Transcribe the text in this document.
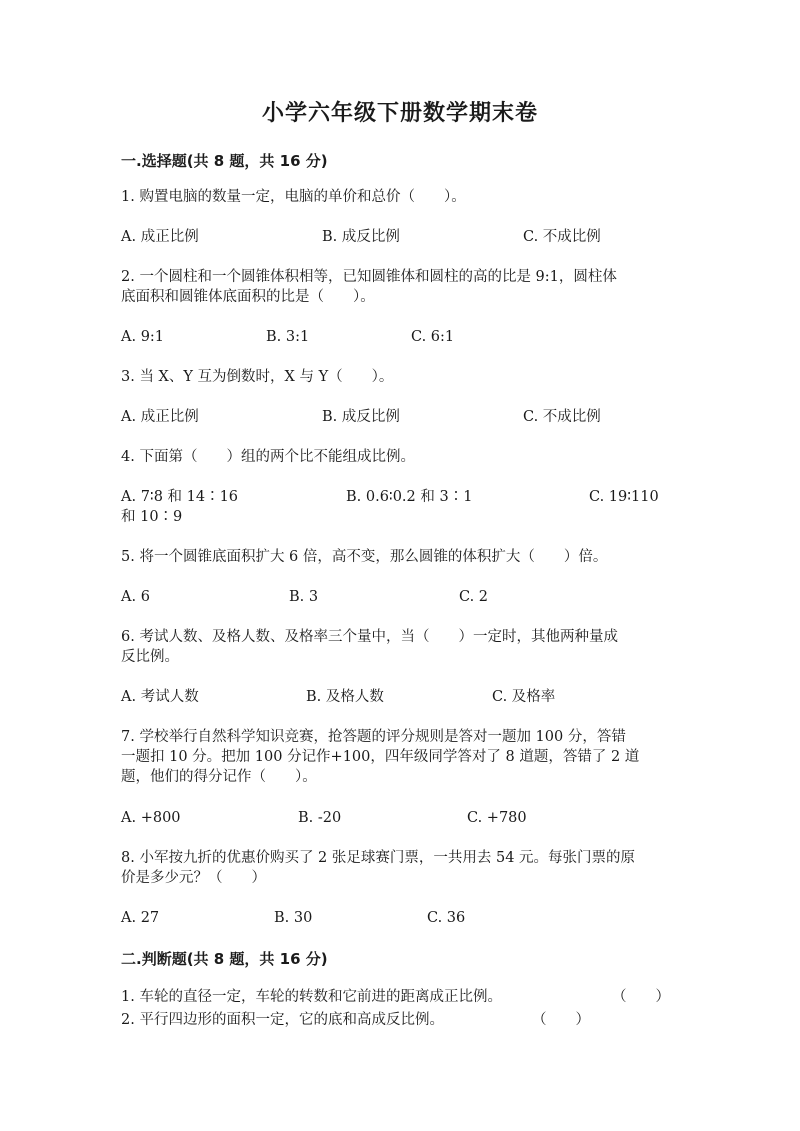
小学六年级下册数学期末卷
一.选择题(共 8 题，共 16 分)
1. 购置电脑的数量一定，电脑的单价和总价（　　）。
A. 成正比例	B. 成反比例	C. 不成比例
2. 一个圆柱和一个圆锥体积相等，已知圆锥体和圆柱的高的比是 9:1，圆柱体
底面积和圆锥体底面积的比是（　　）。
A. 9:1	B. 3:1	C. 6:1
3. 当 X、Y 互为倒数时，X 与 Y（　　）。
A. 成正比例	B. 成反比例	C. 不成比例
4. 下面第（　　）组的两个比不能组成比例。
A. 7∶8 和 14∶16	B. 0.6∶0.2 和 3∶1	C. 19∶110
和 10∶9
5. 将一个圆锥底面积扩大 6 倍，高不变，那么圆锥的体积扩大（　　）倍。
A. 6	B. 3	C. 2
6. 考试人数、及格人数、及格率三个量中，当（　　）一定时，其他两种量成
反比例。
A. 考试人数	B. 及格人数	C. 及格率
7. 学校举行自然科学知识竞赛，抢答题的评分规则是答对一题加 100 分，答错
一题扣 10 分。把加 100 分记作+100，四年级同学答对了 8 道题，答错了 2 道
题，他们的得分记作（　　）。
A. +800	B. -20	C. +780
8. 小军按九折的优惠价购买了 2 张足球赛门票，一共用去 54 元。每张门票的原
价是多少元？（　　）
A. 27	B. 30	C. 36
二.判断题(共 8 题，共 16 分)
1. 车轮的直径一定，车轮的转数和它前进的距离成正比例。	（　　）
2. 平行四边形的面积一定，它的底和高成反比例。	（　　）
